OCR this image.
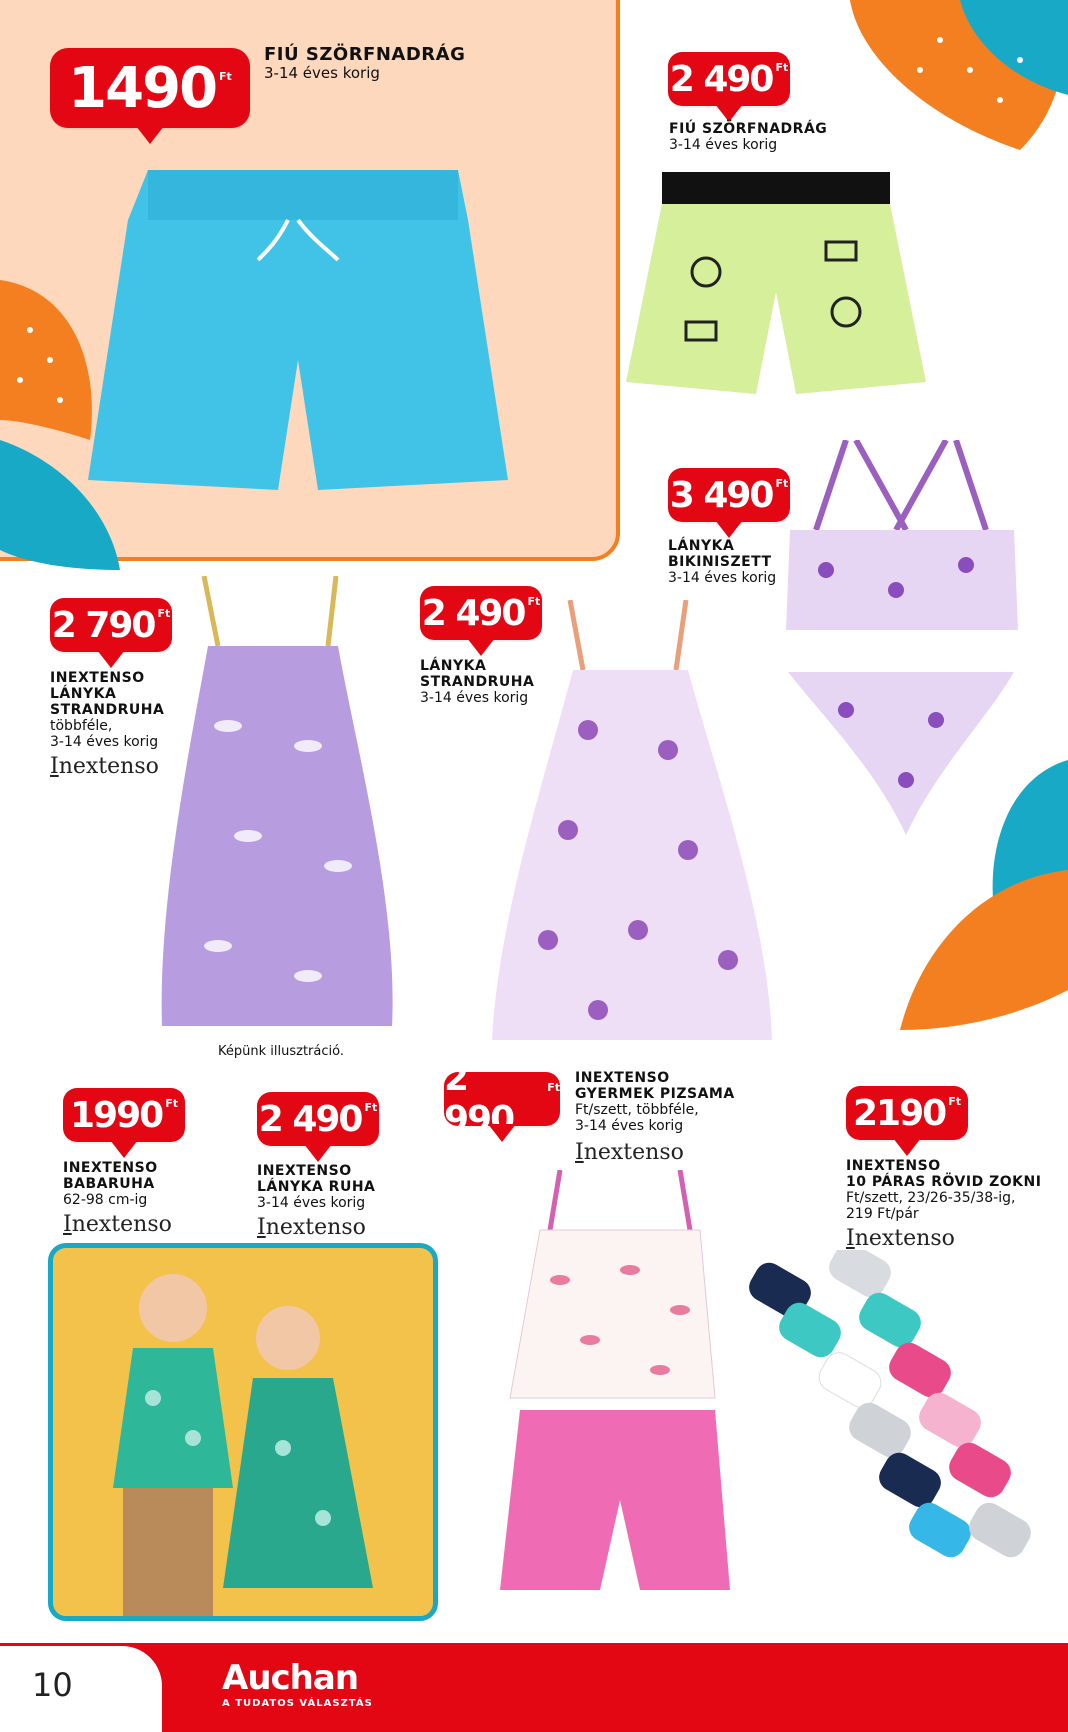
1490 Ft
FIÚ SZÖRFNADRÁG
3-14 éves korig	2 490 Ft
FIÚ SZÖRFNADRÁG
3-14 éves korig
3 490 Ft
LÁNYKA
BIKINISZETT
3-14 éves korig
2 790 Ft
INEXTENSO
LÁNYKA
STRANDRUHA
többféle,
3-14 éves korig
Inextenso
2 490 Ft
LÁNYKA
STRANDRUHA
3-14 éves korig
Képünk illusztráció.
1990 Ft
INEXTENSO
BABARUHA
62-98 cm-ig
Inextenso
2 490 Ft
INEXTENSO
LÁNYKA RUHA
3-14 éves korig
Inextenso
2 990
Ft
INEXTENSO
GYERMEK PIZSAMA
Ft/szett, többféle,
3-14 éves korig
Inextenso
2190 Ft
INEXTENSO
10 PÁRAS RÖVID ZOKNI
Ft/szett, 23/26-35/38-ig,
219 Ft/pár
Inextenso
10	Auchan
A TUDATOS VÁLASZTÁS
